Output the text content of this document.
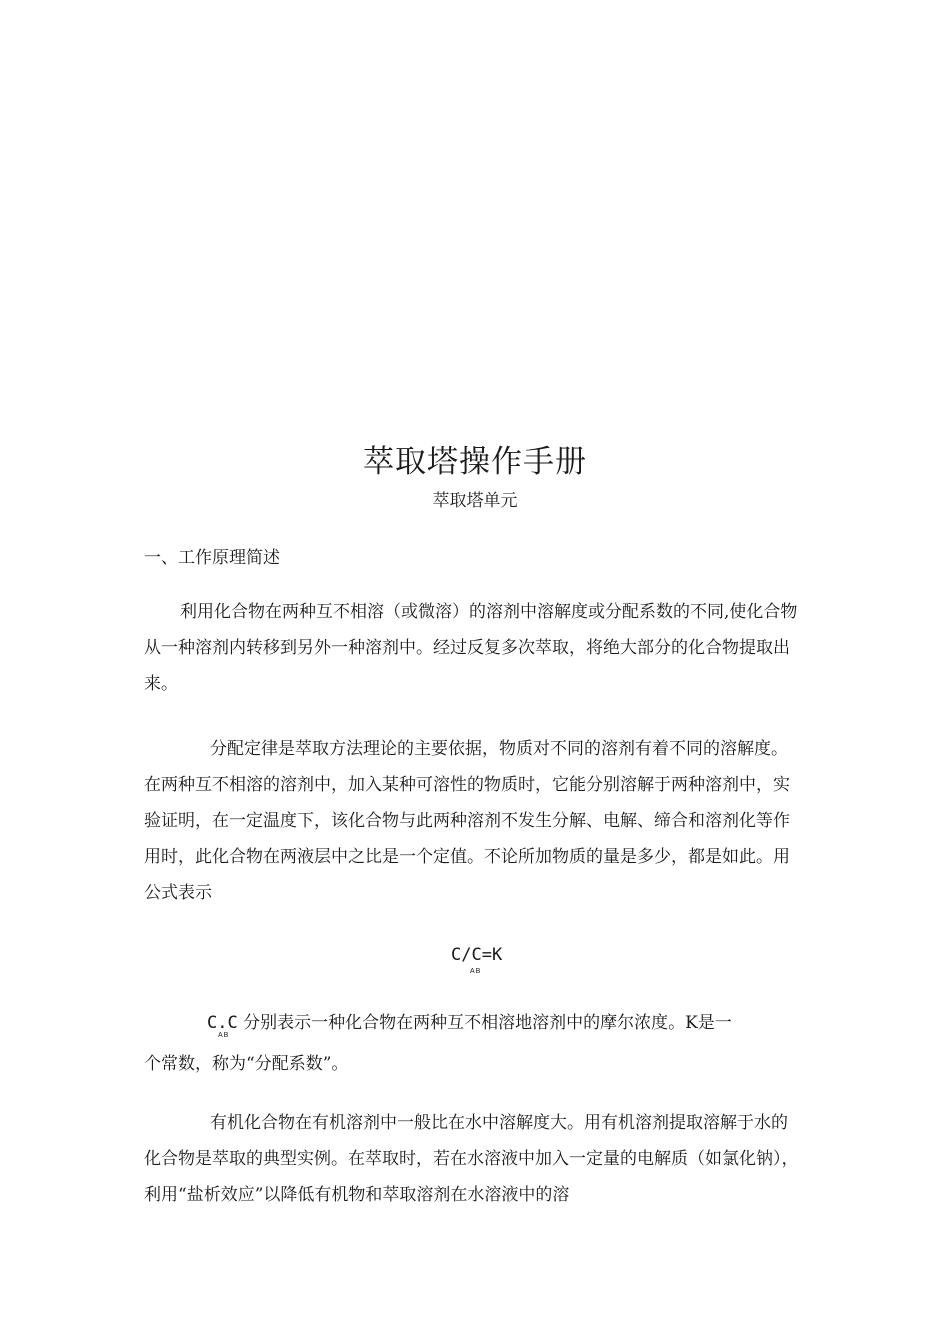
萃取塔操作手册
萃取塔单元
一、工作原理简述

利用化合物在两种互不相溶（或微溶）的溶剂中溶解度或分配系数的不同,使化合物从一种溶剂内转移到另外一种溶剂中。经过反复多次萃取，将绝大部分的化合物提取出来。

分配定律是萃取方法理论的主要依据，物质对不同的溶剂有着不同的溶解度。在两种互不相溶的溶剂中，加入某种可溶性的物质时，它能分别溶解于两种溶剂中，实验证明，在一定温度下，该化合物与此两种溶剂不发生分解、电解、缔合和溶剂化等作用时，此化合物在两液层中之比是一个定值。不论所加物质的量是多少，都是如此。用公式表示

C/C=K
AB
C.C 分别表示一种化合物在两种互不相溶地溶剂中的摩尔浓度。K是一
AB
个常数，称为“分配系数”。

有机化合物在有机溶剂中一般比在水中溶解度大。用有机溶剂提取溶解于水的化合物是萃取的典型实例。在萃取时，若在水溶液中加入一定量的电解质（如氯化钠），利用“盐析效应”以降低有机物和萃取溶剂在水溶液中的溶
